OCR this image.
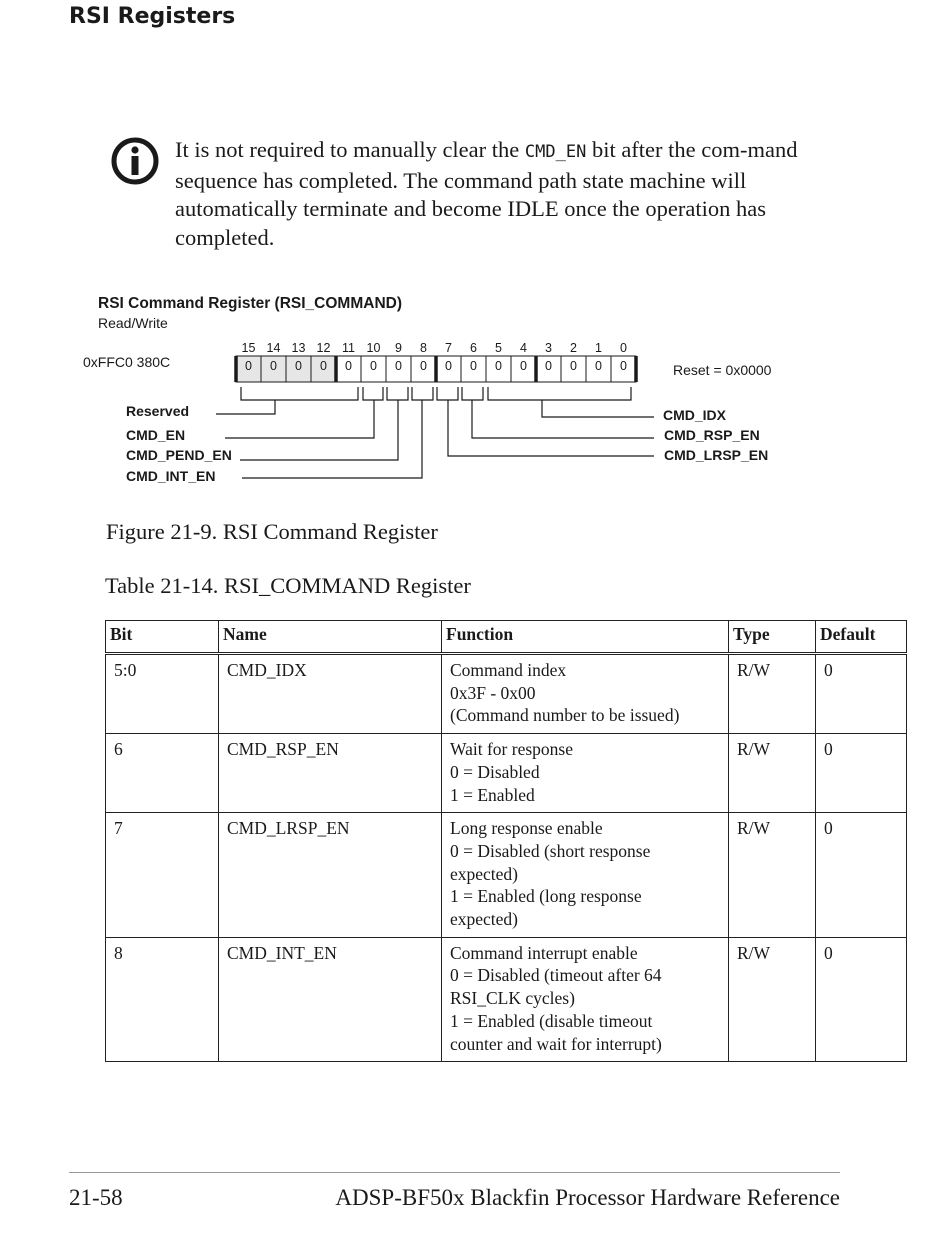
RSI Registers
It is not required to manually clear the CMD_EN bit after the com-mand sequence has completed. The command path state machine will automatically terminate and become IDLE once the operation has completed.
RSI Command Register (RSI_COMMAND)
Read/Write
0xFFC0 380C	Reset = 0x0000
15 14 13 12 11 10 9 8 7 6 5 4 3 2 1 0
0 0 0 0 0 0 0 0 0 0 0 0 0 0 0 0
Reserved
CMD_EN
CMD_PEND_EN
CMD_INT_EN
CMD_IDX
CMD_RSP_EN
CMD_LRSP_EN
Figure 21-9. RSI Command Register
Table 21-14. RSI_COMMAND Register
Bit	Name	Function	Type	Default
5:0	CMD_IDX	Command index
0x3F - 0x00
(Command number to be issued)	R/W	0
6	CMD_RSP_EN	Wait for response
0 = Disabled
1 = Enabled	R/W	0
7	CMD_LRSP_EN	Long response enable
0 = Disabled (short response
expected)
1 = Enabled (long response
expected)	R/W	0
8	CMD_INT_EN	Command interrupt enable
0 = Disabled (timeout after 64
RSI_CLK cycles)
1 = Enabled (disable timeout
counter and wait for interrupt)	R/W	0
21-58	ADSP-BF50x Blackfin Processor Hardware Reference
